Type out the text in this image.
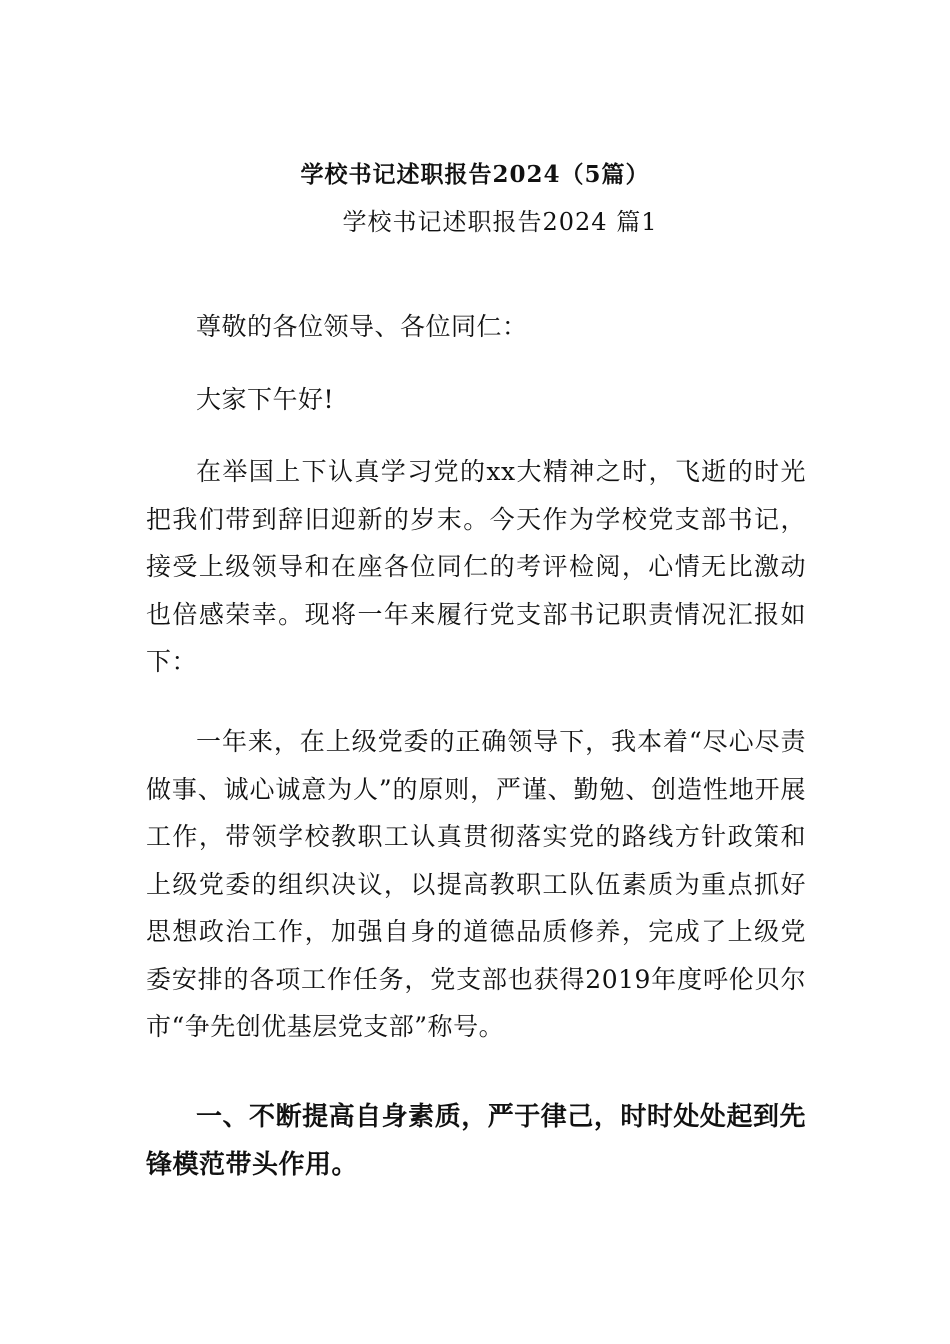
学校书记述职报告2024（5篇）
学校书记述职报告2024 篇1
尊敬的各位领导、各位同仁：
大家下午好!
在举国上下认真学习党的xx大精神之时，飞逝的时光把我们带到辞旧迎新的岁末。今天作为学校党支部书记，接受上级领导和在座各位同仁的考评检阅，心情无比激动也倍感荣幸。现将一年来履行党支部书记职责情况汇报如下：
一年来，在上级党委的正确领导下，我本着“尽心尽责做事、诚心诚意为人”的原则，严谨、勤勉、创造性地开展工作，带领学校教职工认真贯彻落实党的路线方针政策和上级党委的组织决议，以提高教职工队伍素质为重点抓好思想政治工作，加强自身的道德品质修养，完成了上级党委安排的各项工作任务，党支部也获得2019年度呼伦贝尔市“争先创优基层党支部”称号。
一、不断提高自身素质，严于律己，时时处处起到先锋模范带头作用。
